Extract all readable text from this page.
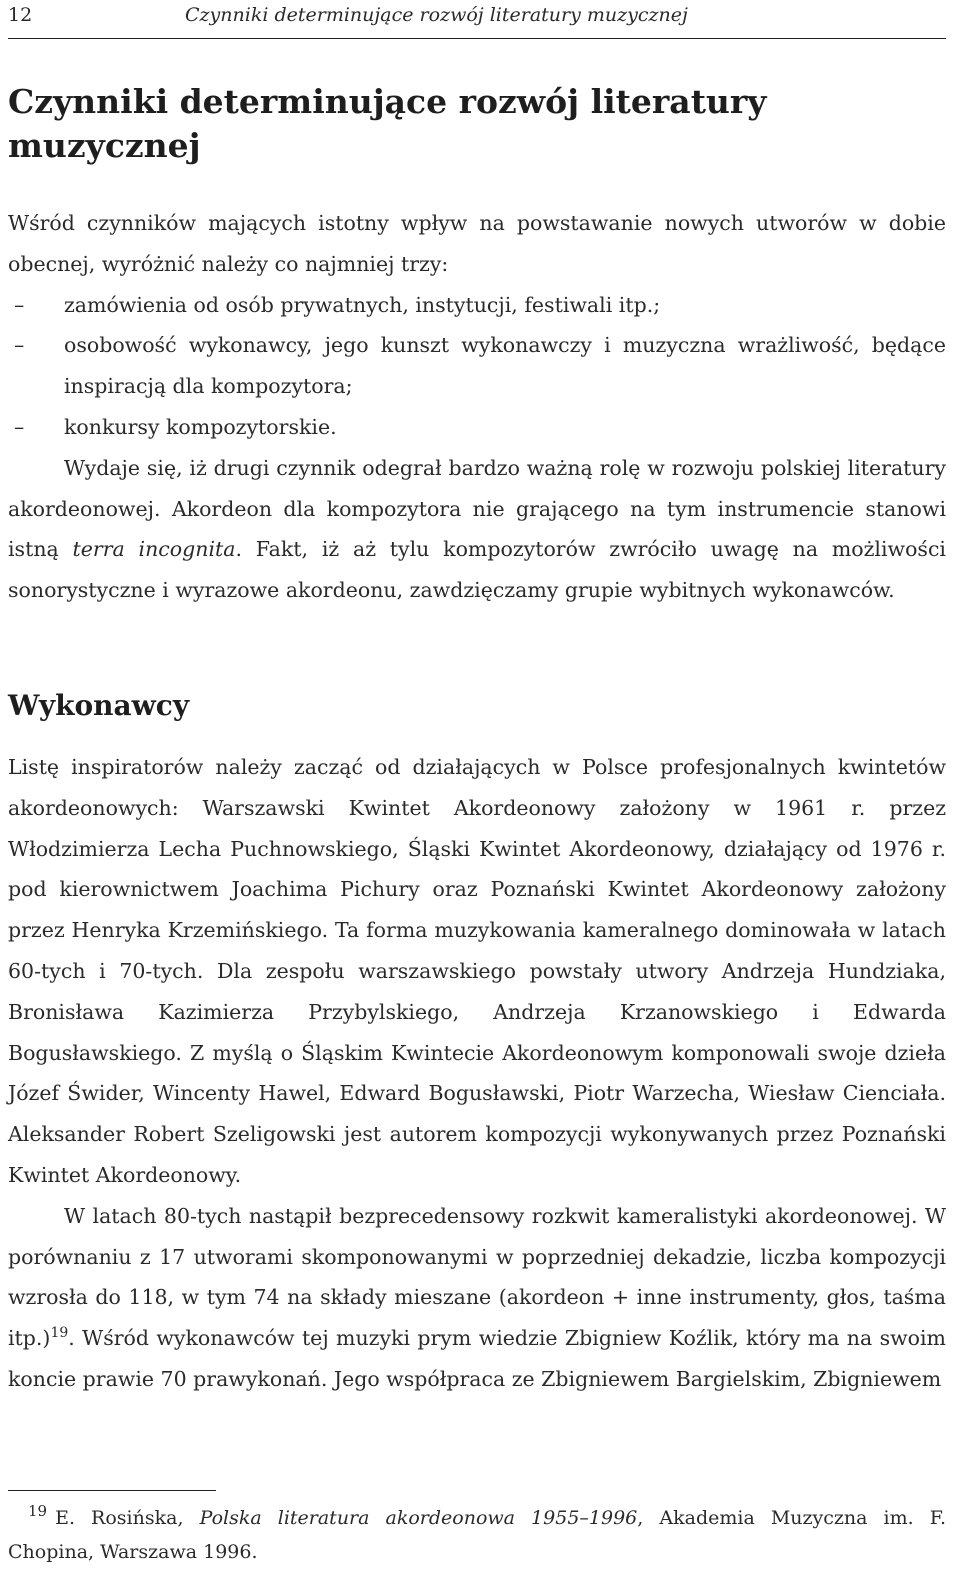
12	Czynniki determinujące rozwój literatury muzycznej
Czynniki determinujące rozwój literatury muzycznej

Wśród czynników mających istotny wpływ na powstawanie nowych utworów w dobie obecnej, wyróżnić należy co najmniej trzy:

– zamówienia od osób prywatnych, instytucji, festiwali itp.;
– osobowość wykonawcy, jego kunszt wykonawczy i muzyczna wrażliwość, będące inspiracją dla kompozytora;
– konkursy kompozytorskie.

Wydaje się, iż drugi czynnik odegrał bardzo ważną rolę w rozwoju polskiej literatury akordeonowej. Akordeon dla kompozytora nie grającego na tym instrumencie stanowi istną terra incognita. Fakt, iż aż tylu kompozytorów zwróciło uwagę na możliwości sonorystyczne i wyrazowe akordeonu, zawdzięczamy grupie wybitnych wykonawców.

Wykonawcy

Listę inspiratorów należy zacząć od działających w Polsce profesjonalnych kwintetów akordeonowych: Warszawski Kwintet Akordeonowy założony w 1961 r. przez Włodzimierza Lecha Puchnowskiego, Śląski Kwintet Akordeonowy, działający od 1976 r. pod kierownictwem Joachima Pichury oraz Poznański Kwintet Akordeonowy założony przez Henryka Krzemińskiego. Ta forma muzykowania kameralnego dominowała w latach 60-tych i 70-tych. Dla zespołu warszawskiego powstały utwory Andrzeja Hundziaka, Bronisława Kazimierza Przybylskiego, Andrzeja Krzanowskiego i Edwarda Bogusławskiego. Z myślą o Śląskim Kwintecie Akordeonowym komponowali swoje dzieła Józef Świder, Wincenty Hawel, Edward Bogusławski, Piotr Warzecha, Wiesław Cienciała. Aleksander Robert Szeligowski jest autorem kompozycji wykonywanych przez Poznański Kwintet Akordeonowy.

W latach 80-tych nastąpił bezprecedensowy rozkwit kameralistyki akordeonowej. W porównaniu z 17 utworami skomponowanymi w poprzedniej dekadzie, liczba kompozycji wzrosła do 118, w tym 74 na składy mieszane (akordeon + inne instrumenty, głos, taśma itp.)$^{19}$. Wśród wykonawców tej muzyki prym wiedzie Zbigniew Koźlik, który ma na swoim koncie prawie 70 prawykonań. Jego współpraca ze Zbigniewem Bargielskim, Zbigniewem

$^{19}$ E. Rosińska, Polska literatura akordeonowa 1955–1996, Akademia Muzyczna im. F. Chopina, Warszawa 1996.
